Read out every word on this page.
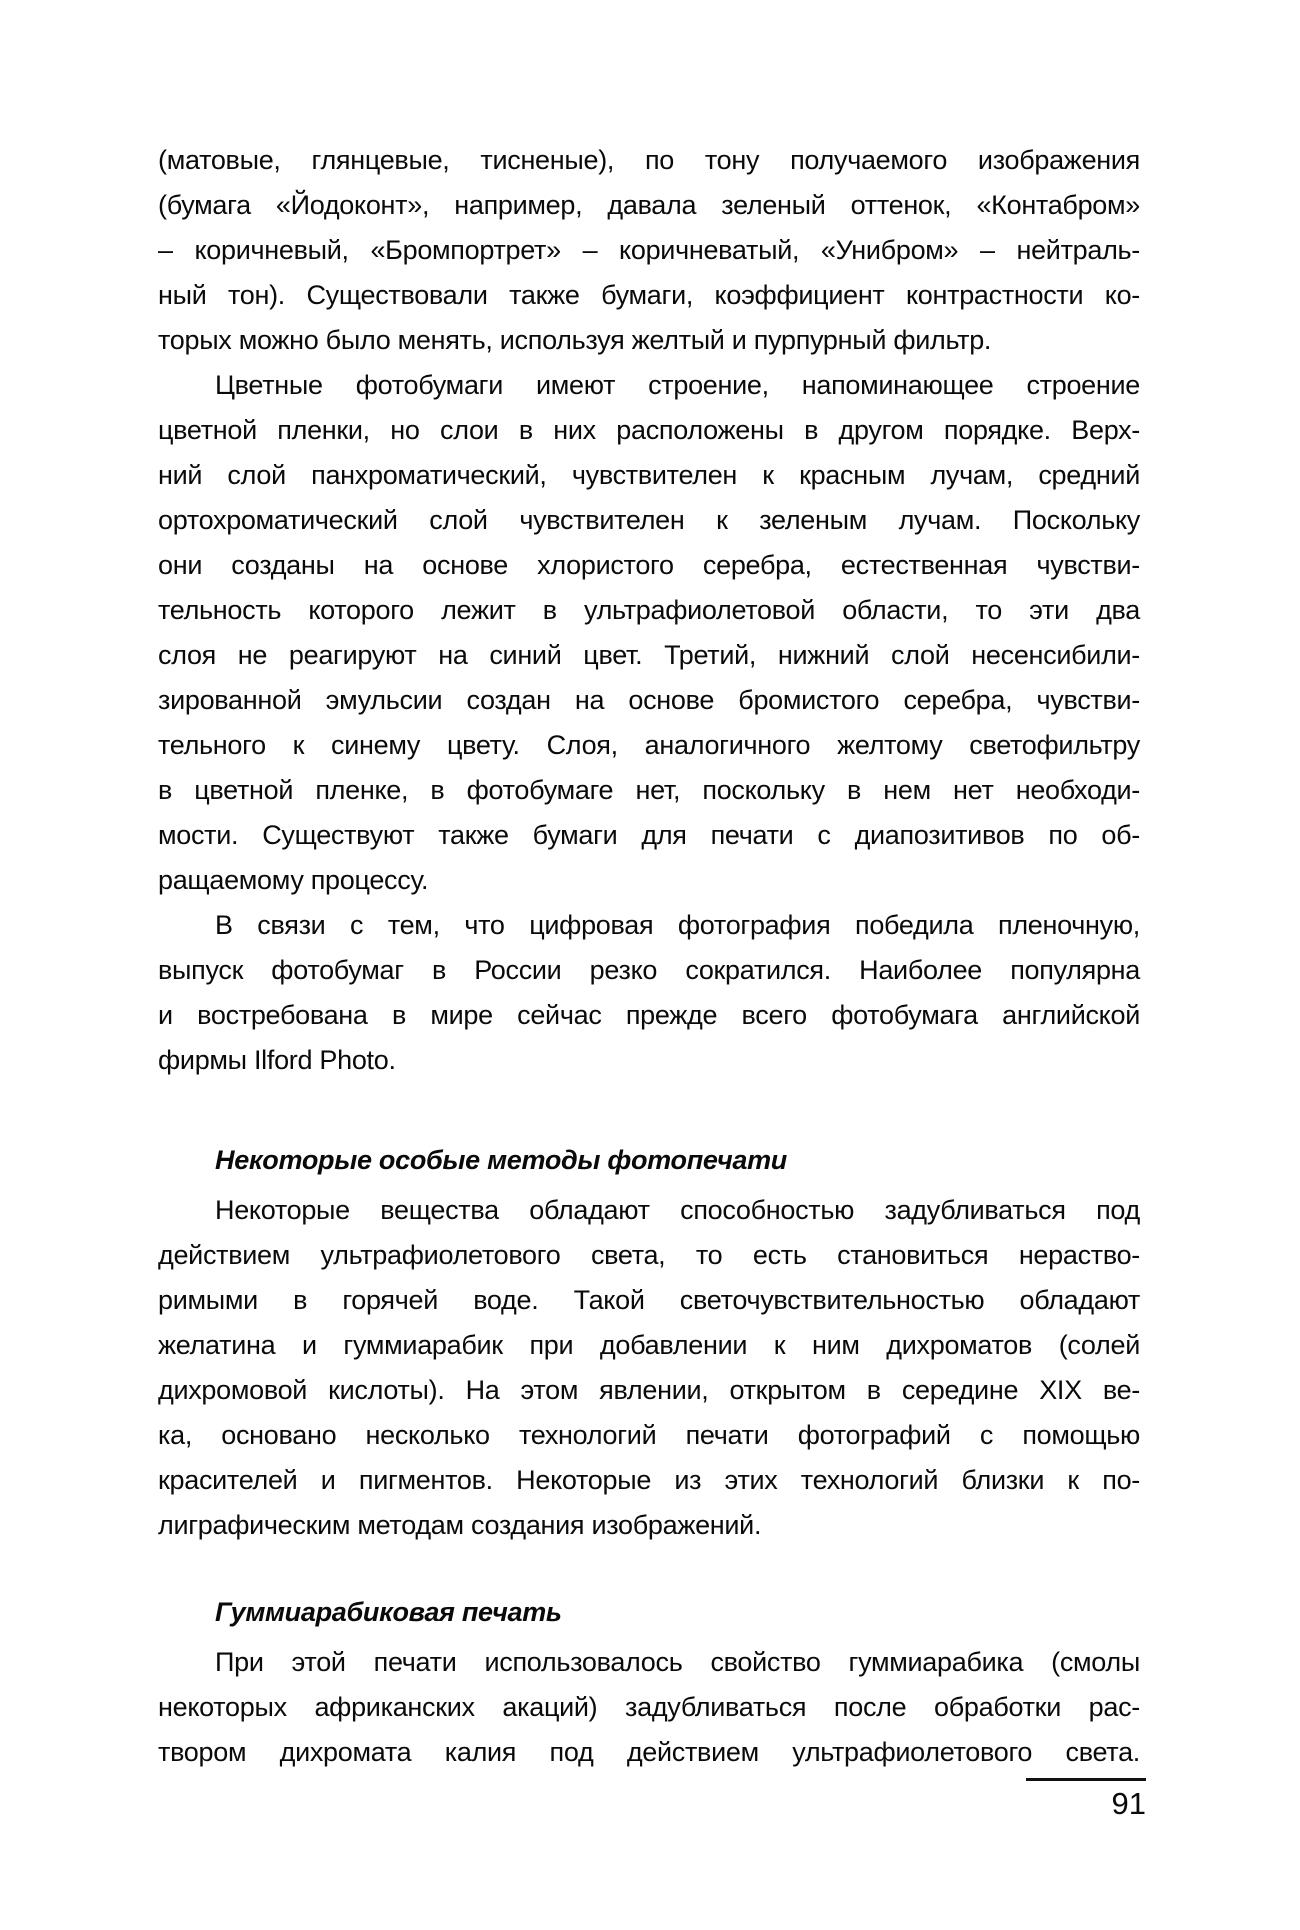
(матовые, глянцевые, тисненые), по тону получаемого изображения
(бумага «Йодоконт», например, давала зеленый оттенок, «Контабром»
– коричневый, «Бромпортрет» – коричневатый, «Унибром» – нейтраль-
ный тон). Существовали также бумаги, коэффициент контрастности ко-
торых можно было менять, используя желтый и пурпурный фильтр.
Цветные фотобумаги имеют строение, напоминающее строение
цветной пленки, но слои в них расположены в другом порядке. Верх-
ний слой панхроматический, чувствителен к красным лучам, средний
ортохроматический слой чувствителен к зеленым лучам. Поскольку
они созданы на основе хлористого серебра, естественная чувстви-
тельность которого лежит в ультрафиолетовой области, то эти два
слоя не реагируют на синий цвет. Третий, нижний слой несенсибили-
зированной эмульсии создан на основе бромистого серебра, чувстви-
тельного к синему цвету. Слоя, аналогичного желтому светофильтру
в цветной пленке, в фотобумаге нет, поскольку в нем нет необходи-
мости. Существуют также бумаги для печати с диапозитивов по об-
ращаемому процессу.
В связи с тем, что цифровая фотография победила пленочную,
выпуск фотобумаг в России резко сократился. Наиболее популярна
и востребована в мире сейчас прежде всего фотобумага английской
фирмы Ilford Photo.
Некоторые особые методы фотопечати
Некоторые вещества обладают способностью задубливаться под
действием ультрафиолетового света, то есть становиться нераство-
римыми в горячей воде. Такой светочувствительностью обладают
желатина и гуммиарабик при добавлении к ним дихроматов (солей
дихромовой кислоты). На этом явлении, открытом в середине XIX ве-
ка, основано несколько технологий печати фотографий с помощью
красителей и пигментов. Некоторые из этих технологий близки к по-
лиграфическим методам создания изображений.
Гуммиарабиковая печать
При этой печати использовалось свойство гуммиарабика (смолы
некоторых африканских акаций) задубливаться после обработки рас-
твором дихромата калия под действием ультрафиолетового света.
91
